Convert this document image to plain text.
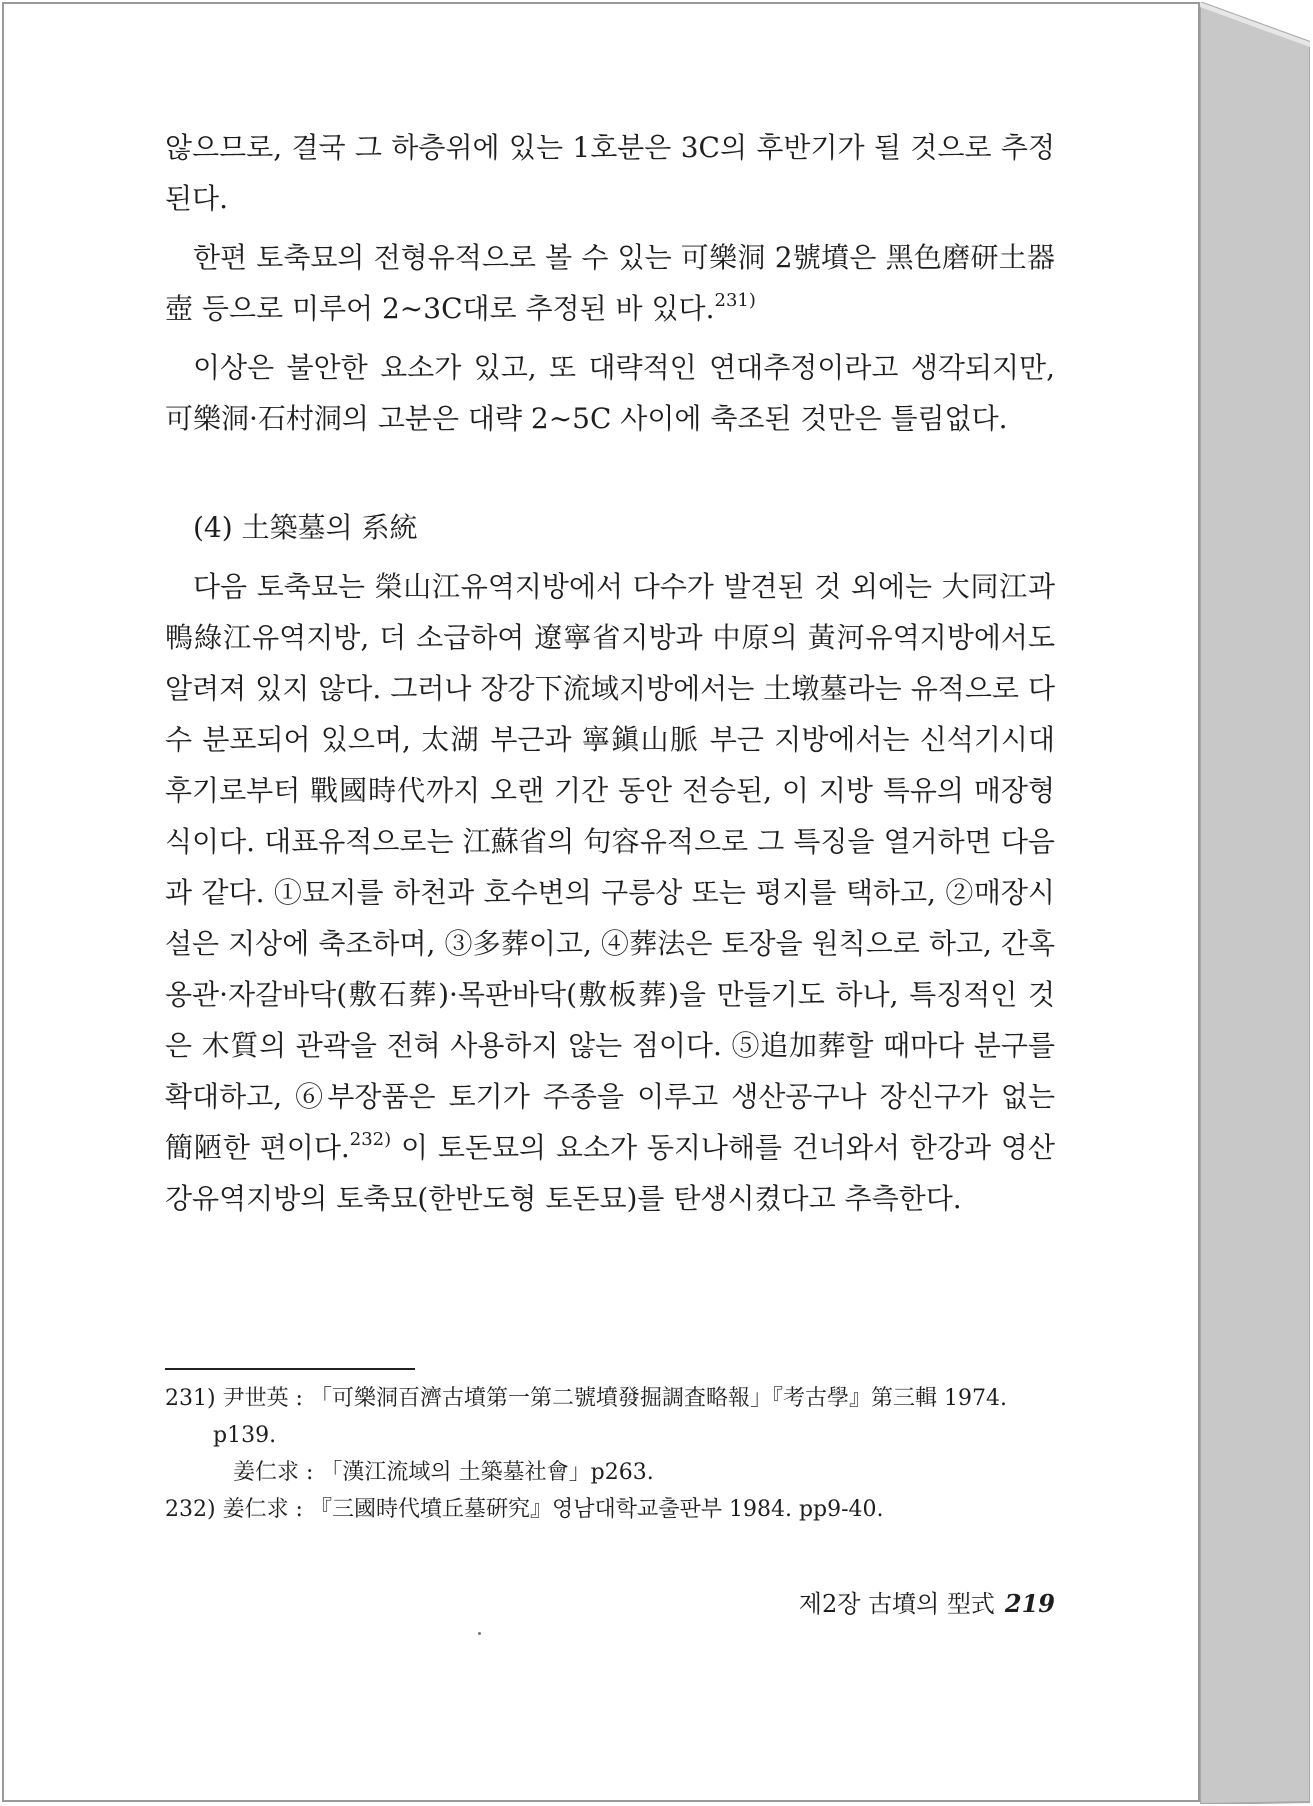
않으므로, 결국 그 하층위에 있는 1호분은 3C의 후반기가 될 것으로 추정된다.

한편 토축묘의 전형유적으로 볼 수 있는 可樂洞 2號墳은 黑色磨研土器壺 등으로 미루어 2∼3C대로 추정된 바 있다.$^{231)}$

이상은 불안한 요소가 있고, 또 대략적인 연대추정이라고 생각되지만, 可樂洞·石村洞의 고분은 대략 2∼5C 사이에 축조된 것만은 틀림없다.

(4) 土築墓의 系統

다음 토축묘는 榮山江유역지방에서 다수가 발견된 것 외에는 大同江과 鴨綠江유역지방, 더 소급하여 遼寧省지방과 中原의 黃河유역지방에서도 알려져 있지 않다. 그러나 장강下流域지방에서는 土墩墓라는 유적으로 다수 분포되어 있으며, 太湖 부근과 寧鎭山脈 부근 지방에서는 신석기시대 후기로부터 戰國時代까지 오랜 기간 동안 전승된, 이 지방 특유의 매장형식이다. 대표유적으로는 江蘇省의 句容유적으로 그 특징을 열거하면 다음과 같다. ①묘지를 하천과 호수변의 구릉상 또는 평지를 택하고, ②매장시설은 지상에 축조하며, ③多葬이고, ④葬法은 토장을 원칙으로 하고, 간혹 옹관·자갈바닥(敷石葬)·목판바닥(敷板葬)을 만들기도 하나, 특징적인 것은 木質의 관곽을 전혀 사용하지 않는 점이다. ⑤追加葬할 때마다 분구를 확대하고, ⑥부장품은 토기가 주종을 이루고 생산공구나 장신구가 없는 簡陋한 편이다.$^{232)}$ 이 토돈묘의 요소가 동지나해를 건너와서 한강과 영산강유역지방의 토축묘(한반도형 토돈묘)를 탄생시켰다고 추측한다.

231) 尹世英 : 「可樂洞百濟古墳第一第二號墳發掘調査略報」『考古學』第三輯 1974.

p139.

姜仁求 : 「漢江流域의 土築墓社會」p263.

232) 姜仁求 : 『三國時代墳丘墓硏究』영남대학교출판부 1984. pp9-40.

제2장 古墳의 型式 219
